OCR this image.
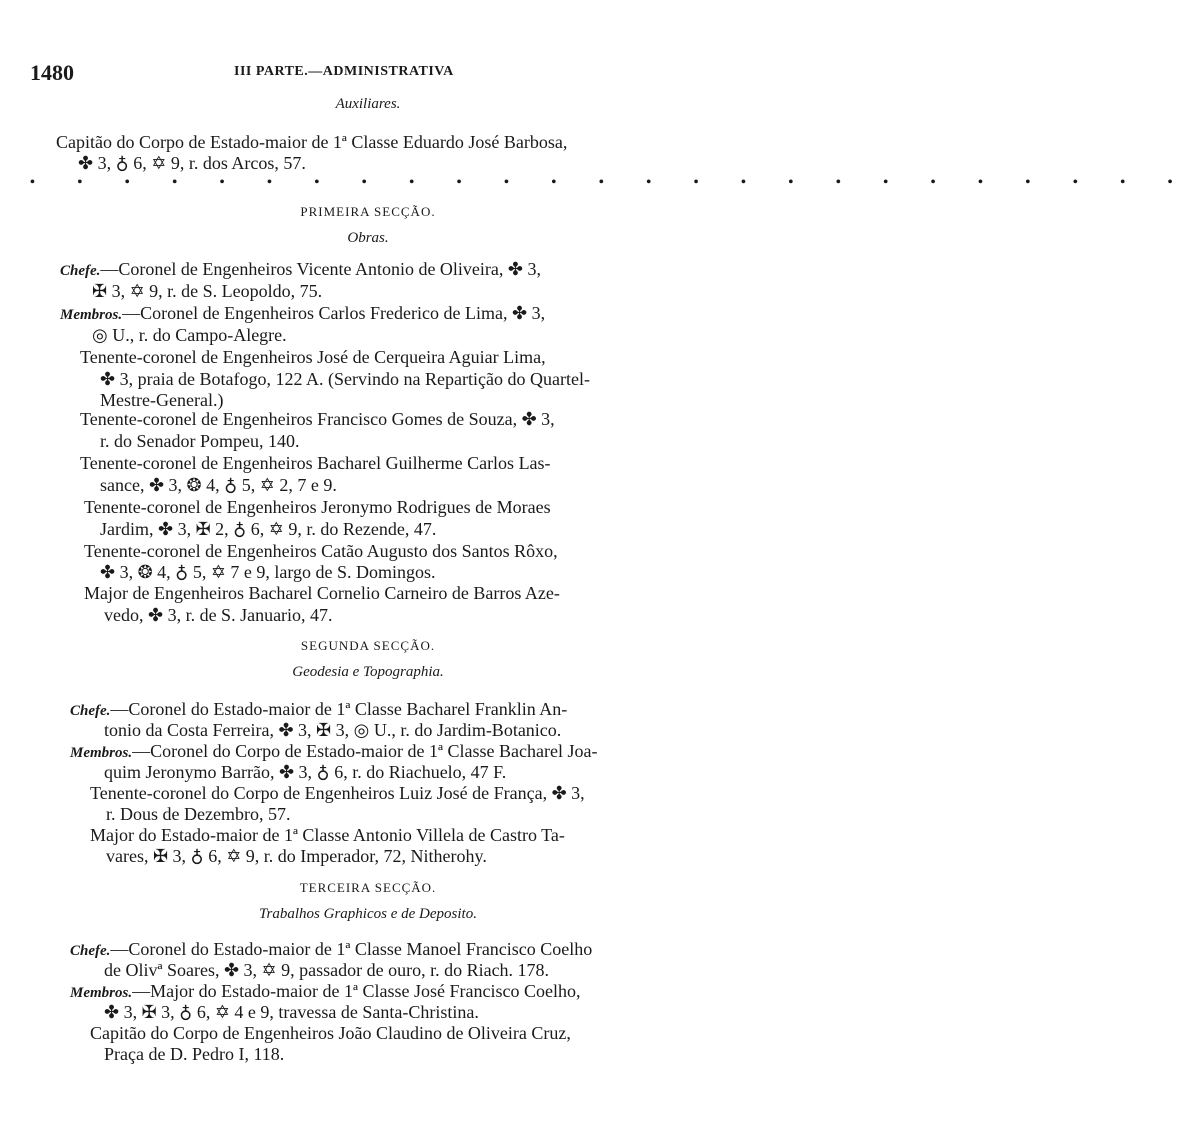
1480	III PARTE.—ADMINISTRATIVA
Auxiliares.
Capitão do Corpo de Estado-maior de 1ª Classe Eduardo José Barbosa,
✤ 3, ♁ 6, ✡ 9, r. dos Arcos, 57.
• • • • • • • • • • • • • • • • • • • • • • • • •
PRIMEIRA SECÇÃO.
Obras.
Chefe.—Coronel de Engenheiros Vicente Antonio de Oliveira, ✤ 3,
✠ 3, ✡ 9, r. de S. Leopoldo, 75.
Membros.—Coronel de Engenheiros Carlos Frederico de Lima, ✤ 3,
◎ U., r. do Campo-Alegre.
Tenente-coronel de Engenheiros José de Cerqueira Aguiar Lima,
✤ 3, praia de Botafogo, 122 A. (Servindo na Repartição do Quartel-
Mestre-General.)
Tenente-coronel de Engenheiros Francisco Gomes de Souza, ✤ 3,
r. do Senador Pompeu, 140.
Tenente-coronel de Engenheiros Bacharel Guilherme Carlos Las-
sance, ✤ 3, ❂ 4, ♁ 5, ✡ 2, 7 e 9.
Tenente-coronel de Engenheiros Jeronymo Rodrigues de Moraes
Jardim, ✤ 3, ✠ 2, ♁ 6, ✡ 9, r. do Rezende, 47.
Tenente-coronel de Engenheiros Catão Augusto dos Santos Rôxo,
✤ 3, ❂ 4, ♁ 5, ✡ 7 e 9, largo de S. Domingos.
Major de Engenheiros Bacharel Cornelio Carneiro de Barros Aze-
vedo, ✤ 3, r. de S. Januario, 47.
SEGUNDA SECÇÃO.
Geodesia e Topographia.
Chefe.—Coronel do Estado-maior de 1ª Classe Bacharel Franklin An-
tonio da Costa Ferreira, ✤ 3, ✠ 3, ◎ U., r. do Jardim-Botanico.
Membros.—Coronel do Corpo de Estado-maior de 1ª Classe Bacharel Joa-
quim Jeronymo Barrão, ✤ 3, ♁ 6, r. do Riachuelo, 47 F.
Tenente-coronel do Corpo de Engenheiros Luiz José de França, ✤ 3,
r. Dous de Dezembro, 57.
Major do Estado-maior de 1ª Classe Antonio Villela de Castro Ta-
vares, ✠ 3, ♁ 6, ✡ 9, r. do Imperador, 72, Nitherohy.
TERCEIRA SECÇÃO.
Trabalhos Graphicos e de Deposito.
Chefe.—Coronel do Estado-maior de 1ª Classe Manoel Francisco Coelho
de Olivª Soares, ✤ 3, ✡ 9, passador de ouro, r. do Riach. 178.
Membros.—Major do Estado-maior de 1ª Classe José Francisco Coelho,
✤ 3, ✠ 3, ♁ 6, ✡ 4 e 9, travessa de Santa-Christina.
Capitão do Corpo de Engenheiros João Claudino de Oliveira Cruz,
Praça de D. Pedro I, 118.
